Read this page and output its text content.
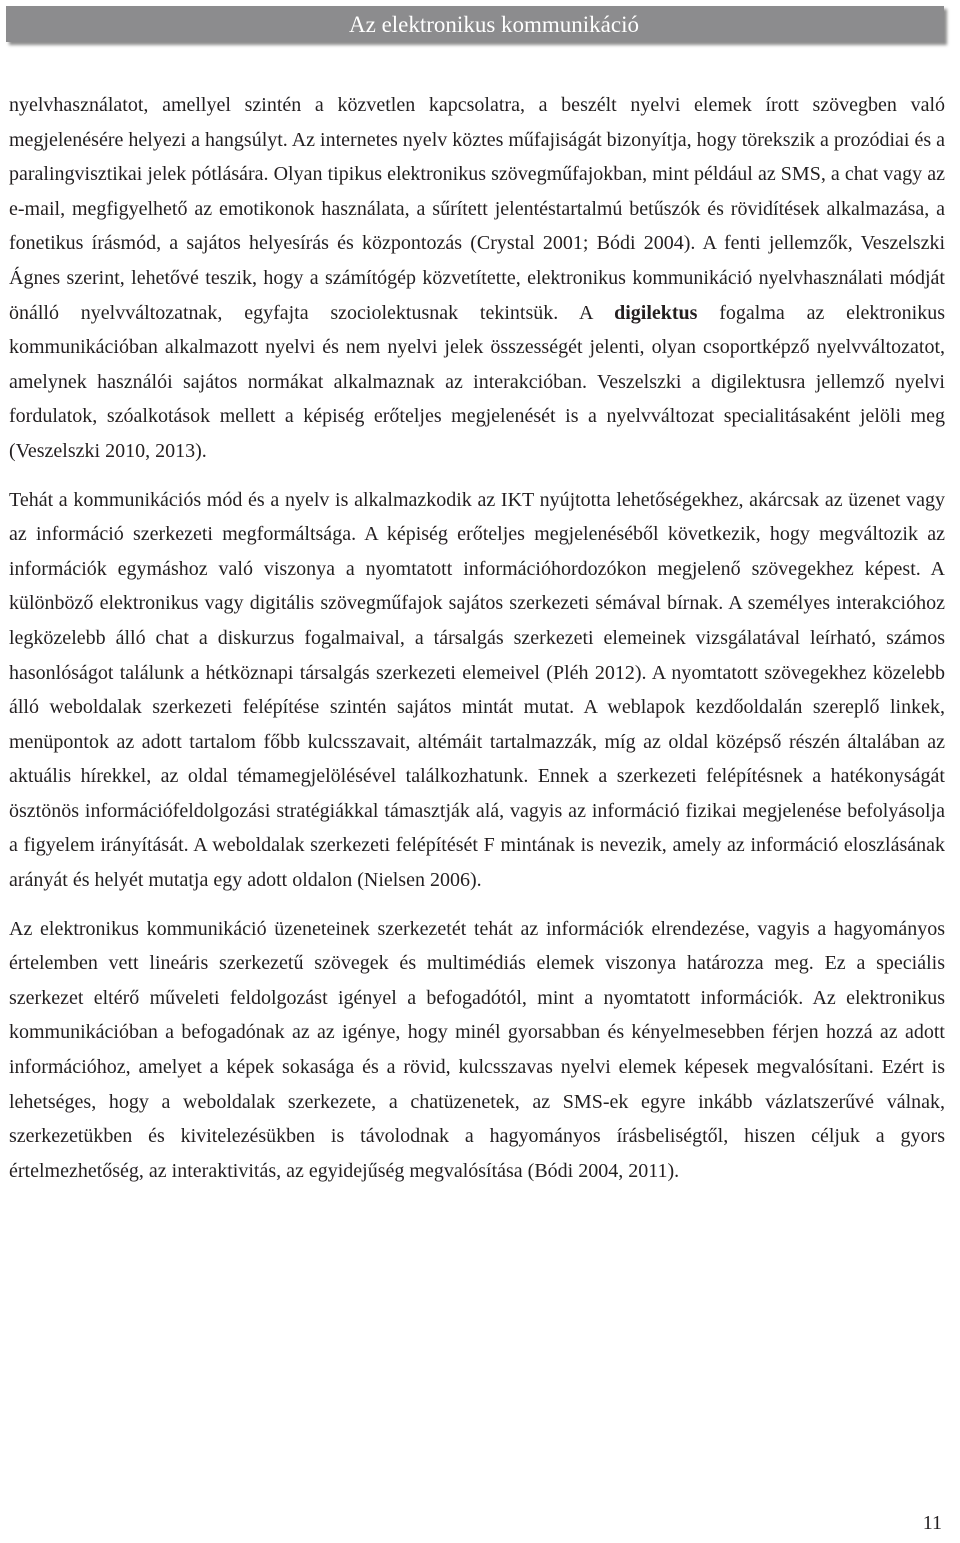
Az elektronikus kommunikáció

nyelvhasználatot, amellyel szintén a közvetlen kapcsolatra, a beszélt nyelvi elemek írott szövegben való megjelenésére helyezi a hangsúlyt. Az internetes nyelv köztes műfajiságát bizonyítja, hogy törekszik a prozódiai és a paralingvisztikai jelek pótlására. Olyan tipikus elektronikus szövegműfajokban, mint például az SMS, a chat vagy az e-mail, megfigyelhető az emotikonok használata, a sűrített jelentéstartalmú betűszók és rövidítések alkalmazása, a fonetikus írásmód, a sajátos helyesírás és központozás (Crystal 2001; Bódi 2004). A fenti jellemzők, Veszelszki Ágnes szerint, lehetővé teszik, hogy a számítógép közvetítette, elektronikus kommunikáció nyelvhasználati módját önálló nyelvváltozatnak, egyfajta szociolektusnak tekintsük. A digilektus fogalma az elektronikus kommunikációban alkalmazott nyelvi és nem nyelvi jelek összességét jelenti, olyan csoportképző nyelvváltozatot, amelynek használói sajátos normákat alkalmaznak az interakcióban. Veszelszki a digilektusra jellemző nyelvi fordulatok, szóalkotások mellett a képiség erőteljes megjelenését is a nyelvváltozat specialitásaként jelöli meg (Veszelszki 2010, 2013).

Tehát a kommunikációs mód és a nyelv is alkalmazkodik az IKT nyújtotta lehetőségekhez, akárcsak az üzenet vagy az információ szerkezeti megformáltsága. A képiség erőteljes megjelenéséből következik, hogy megváltozik az információk egymáshoz való viszonya a nyomtatott információhordozókon megjelenő szövegekhez képest. A különböző elektronikus vagy digitális szövegműfajok sajátos szerkezeti sémával bírnak. A személyes interakcióhoz legközelebb álló chat a diskurzus fogalmaival, a társalgás szerkezeti elemeinek vizsgálatával leírható, számos hasonlóságot találunk a hétköznapi társalgás szerkezeti elemeivel (Pléh 2012). A nyomtatott szövegekhez közelebb álló weboldalak szerkezeti felépítése szintén sajátos mintát mutat. A weblapok kezdőoldalán szereplő linkek, menüpontok az adott tartalom főbb kulcsszavait, altémáit tartalmazzák, míg az oldal középső részén általában az aktuális hírekkel, az oldal témamegjelölésével találkozhatunk. Ennek a szerkezeti felépítésnek a hatékonyságát ösztönös információfeldolgozási stratégiákkal támasztják alá, vagyis az információ fizikai megjelenése befolyásolja a figyelem irányítását. A weboldalak szerkezeti felépítését F mintának is nevezik, amely az információ eloszlásának arányát és helyét mutatja egy adott oldalon (Nielsen 2006).

Az elektronikus kommunikáció üzeneteinek szerkezetét tehát az információk elrendezése, vagyis a hagyományos értelemben vett lineáris szerkezetű szövegek és multimédiás elemek viszonya határozza meg. Ez a speciális szerkezet eltérő műveleti feldolgozást igényel a befogadótól, mint a nyomtatott információk. Az elektronikus kommunikációban a befogadónak az az igénye, hogy minél gyorsabban és kényelmesebben férjen hozzá az adott információhoz, amelyet a képek sokasága és a rövid, kulcsszavas nyelvi elemek képesek megvalósítani. Ezért is lehetséges, hogy a weboldalak szerkezete, a chatüzenetek, az SMS-ek egyre inkább vázlatszerűvé válnak, szerkezetükben és kivitelezésükben is távolodnak a hagyományos írásbeliségtől, hiszen céljuk a gyors értelmezhetőség, az interaktivitás, az egyidejűség megvalósítása (Bódi 2004, 2011).

11
